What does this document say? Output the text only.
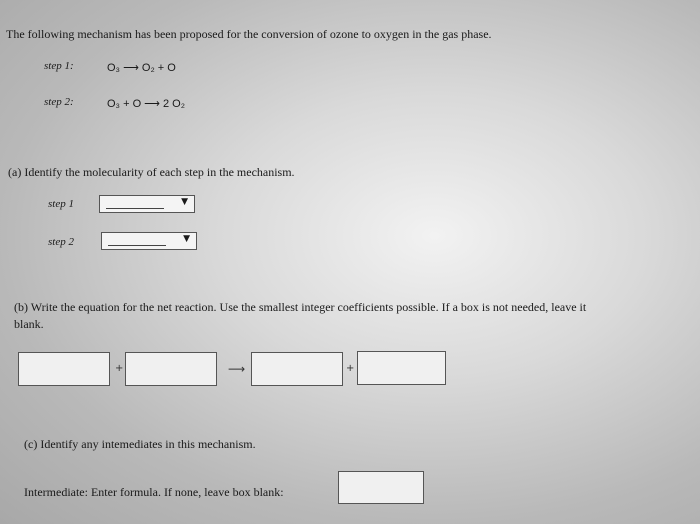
The following mechanism has been proposed for the conversion of ozone to oxygen in the gas phase.
step 1:	O₃ ⟶ O₂ + O
step 2:	O₃ + O ⟶ 2 O₂
(a) Identify the molecularity of each step in the mechanism.
step 1	▼
step 2	▼
(b) Write the equation for the net reaction. Use the smallest integer coefficients possible. If a box is not needed, leave it
blank.
+	⟶	+
(c) Identify any intemediates in this mechanism.
Intermediate: Enter formula. If none, leave box blank:
